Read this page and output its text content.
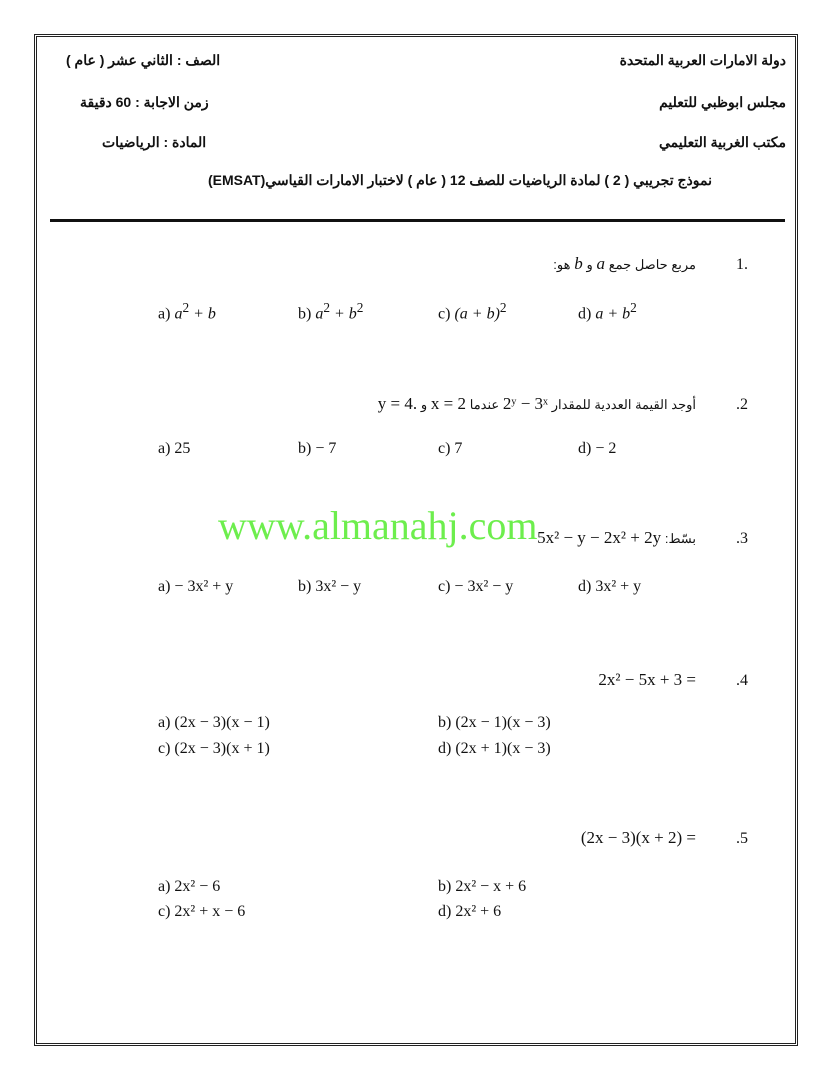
دولة الامارات العربية المتحدة
مجلس ابوظبي للتعليم
مكتب الغربية التعليمي
الصف : الثاني عشر ( عام )
زمن الاجابة : 60 دقيقة
المادة : الرياضيات
نموذج تجريبي ( 2 ) لمادة الرياضيات للصف 12 ( عام ) لاختبار الامارات القياسي(EMSAT)
1.
مربع حاصل جمع a و b هو:
a) $a^2 + b$	b) $a^2 + b^2$	c) $(a + b)^2$	d) $a + b^2$
.2
أوجد القيمة العددية للمقدار 2ʸ − 3ˣ عندما x = 2 و y = 4.
a) 25	b) − 7	c) 7	d) − 2
.3
بسّط: 5x² − y − 2x² + 2y
a) − 3x² + y	b) 3x² − y	c) − 3x² − y	d) 3x² + y
www.almanahj.com
.4
2x² − 5x + 3 =
a) (2x − 3)(x − 1)	b) (2x − 1)(x − 3)
c) (2x − 3)(x + 1)	d) (2x + 1)(x − 3)
.5
(2x − 3)(x + 2) =
a) 2x² − 6	b) 2x² − x + 6
c) 2x² + x − 6	d) 2x² + 6
